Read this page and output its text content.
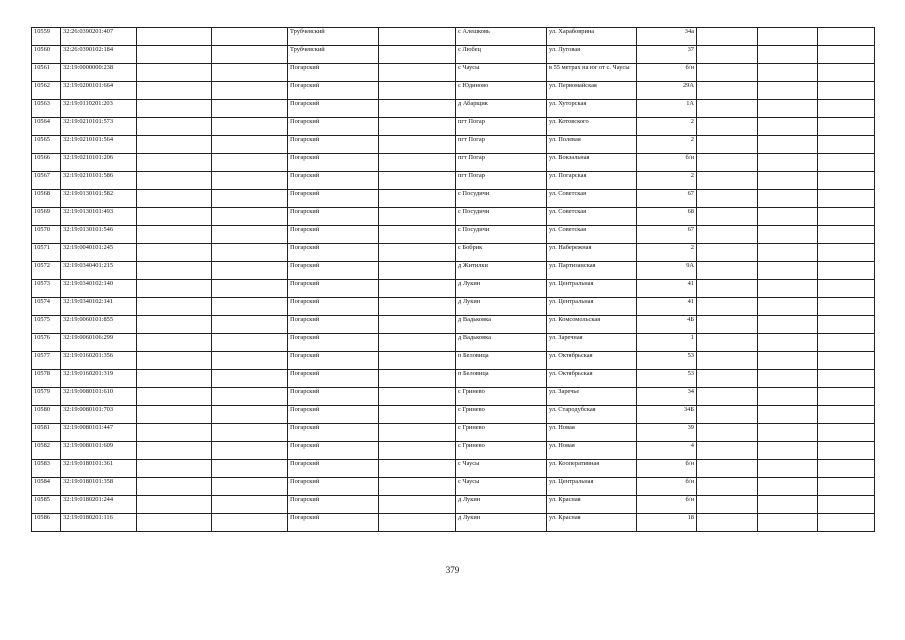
10559	32:26:0390201:407			Трубчевский		с Алешковь	ул. Харабоврина	34а			
10560	32:26:0390102:184			Трубчевский		с Любец	ул. Луговая	37			
10561	32:19:0000000:238			Погарский		с Чаусы	в 55 метрах на юг от с. Чаусы	б/н			
10562	32:19:0200101:664			Погарский		с Юдиново	ул. Первомайская	29А			
10563	32:19:0110201:203			Погарский		д Абарщик	ул. Хуторская	1А			
10564	32:19:0210101:573			Погарский		пгт Погар	ул. Котовского	2			
10565	32:19:0210101:564			Погарский		пгт Погар	ул. Полевая	2			
10566	32:19:0210101:206			Погарский		пгт Погар	ул. Вокзальная	б/н			
10567	32:19:0210101:586			Погарский		пгт Погар	ул. Погарская	2			
10568	32:19:0130101:582			Погарский		с Посудичи	ул. Советская	67			
10569	32:19:0130101:493			Погарский		с Посудичи	ул. Советская	68			
10570	32:19:0130101:546			Погарский		с Посудичи	ул. Советская	67			
10571	32:19:0040101:245			Погарский		с Бобрик	ул. Набережная	2			
10572	32:19:0340401:215			Погарский		д Житилки	ул. Партизанская	9А			
10573	32:19:0340102:140			Погарский		д Лукин	ул. Центральная	41			
10574	32:19:0340102:141			Погарский		д Лукин	ул. Центральная	41			
10575	32:19:0060101:855			Погарский		д Вадьковка	ул. Комсомольская	4Б			
10576	32:19:0060106:299			Погарский		д Вадьковка	ул. Заречная	1			
10577	32:19:0160201:356			Погарский		п Беловица	ул. Октябрьская	53			
10578	32:19:0160201:319			Погарский		п Беловица	ул. Октябрьская	53			
10579	32:19:0080101:610			Погарский		с Гринево	ул. Заречье	34			
10580	32:19:0080101:703			Погарский		с Гринево	ул. Стародубская	34Б			
10581	32:19:0080101:447			Погарский		с Гринево	ул. Новая	39			
10582	32:19:0080101:609			Погарский		с Гринево	ул. Новая	4			
10583	32:19:0180101:361			Погарский		с Чаусы	ул. Кооперативная	б/н			
10584	32:19:0180101:358			Погарский		с Чаусы	ул. Центральная	б/н			
10585	32:19:0180201:244			Погарский		д Лукин	ул. Красная	б/н			
10586	32:19:0180201:116			Погарский		д Лукин	ул. Красная	18			
379
